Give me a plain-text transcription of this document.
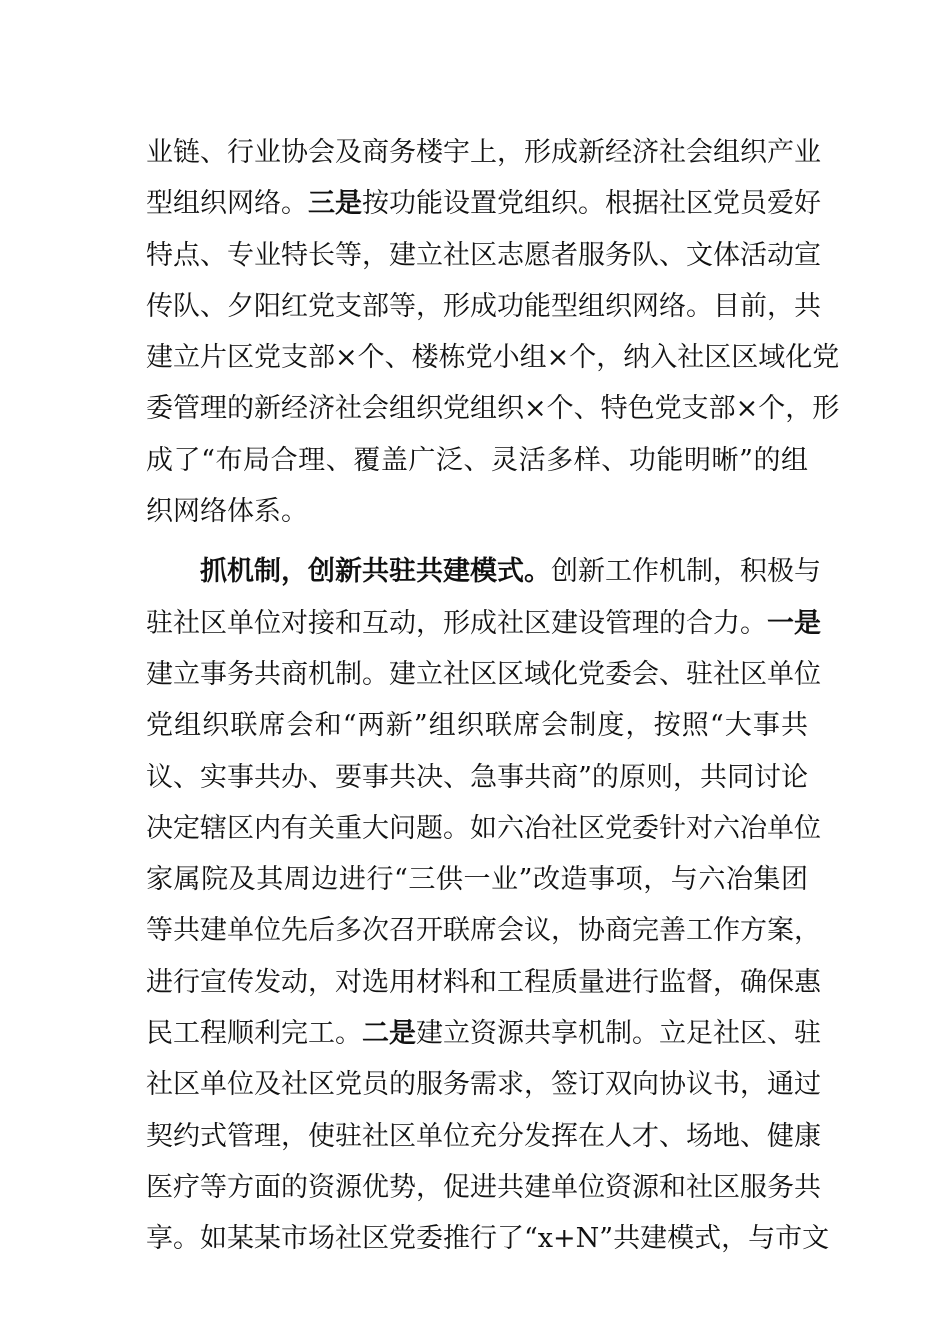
业链、行业协会及商务楼宇上，形成新经济社会组织产业
型组织网络。三是按功能设置党组织。根据社区党员爱好
特点、专业特长等，建立社区志愿者服务队、文体活动宣
传队、夕阳红党支部等，形成功能型组织网络。目前，共
建立片区党支部×个、楼栋党小组×个，纳入社区区域化党
委管理的新经济社会组织党组织×个、特色党支部×个，形
成了“布局合理、覆盖广泛、灵活多样、功能明晰”的组
织网络体系。
抓机制，创新共驻共建模式。创新工作机制，积极与
驻社区单位对接和互动，形成社区建设管理的合力。一是
建立事务共商机制。建立社区区域化党委会、驻社区单位
党组织联席会和“两新”组织联席会制度，按照“大事共
议、实事共办、要事共决、急事共商”的原则，共同讨论
决定辖区内有关重大问题。如六冶社区党委针对六冶单位
家属院及其周边进行“三供一业”改造事项，与六冶集团
等共建单位先后多次召开联席会议，协商完善工作方案，
进行宣传发动，对选用材料和工程质量进行监督，确保惠
民工程顺利完工。二是建立资源共享机制。立足社区、驻
社区单位及社区党员的服务需求，签订双向协议书，通过
契约式管理，使驻社区单位充分发挥在人才、场地、健康
医疗等方面的资源优势，促进共建单位资源和社区服务共
享。如某某市场社区党委推行了“x+N”共建模式，与市文
